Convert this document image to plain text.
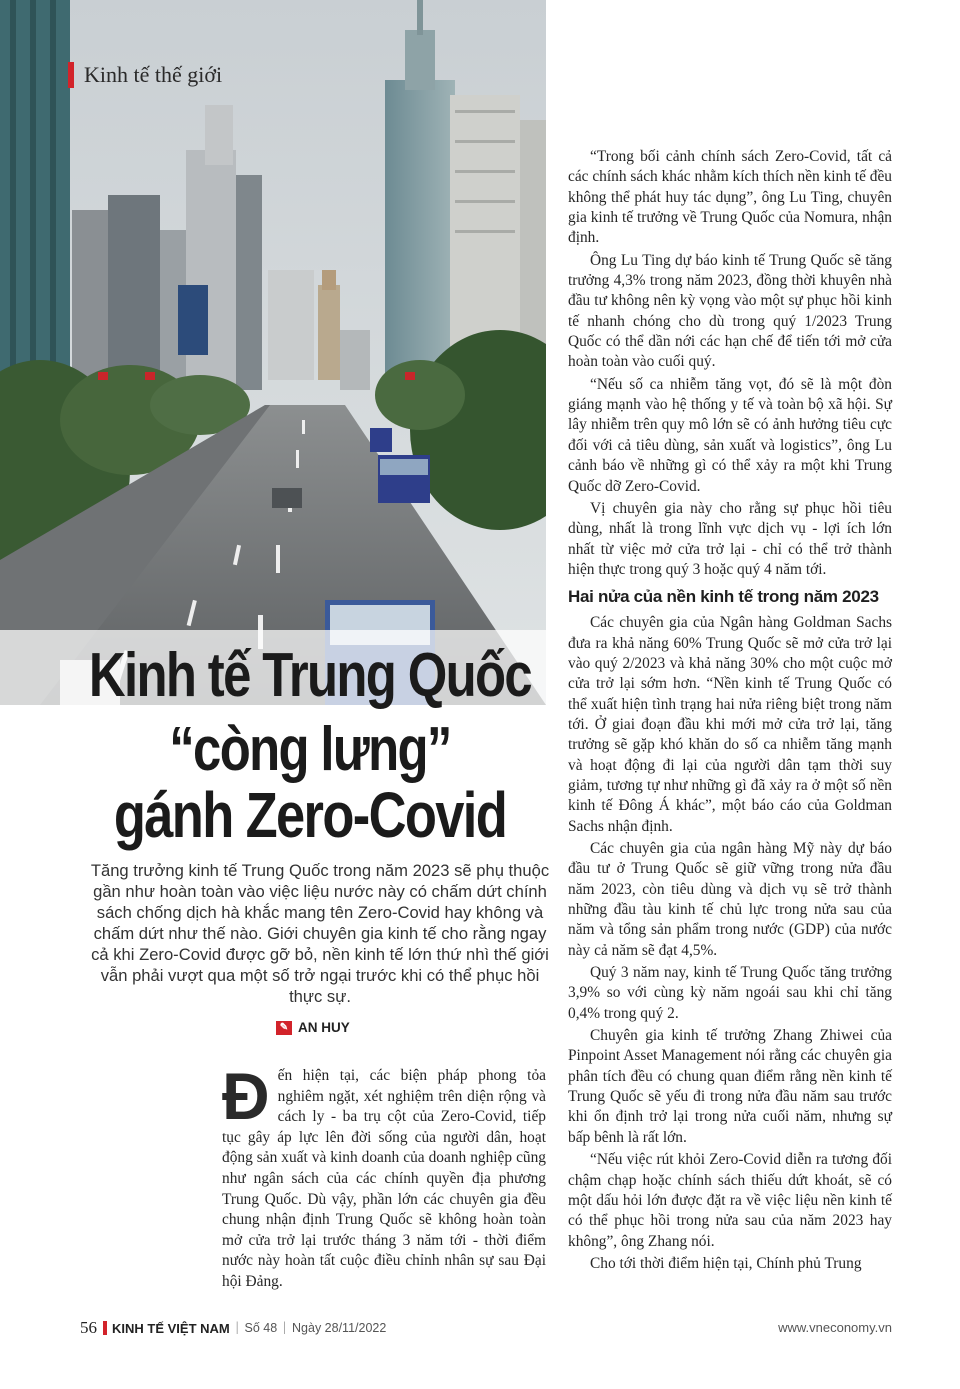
Kinh tế thế giới
Kinh tế Trung Quốc
“còng lưng”
gánh Zero-Covid
Tăng trưởng kinh tế Trung Quốc trong năm 2023 sẽ phụ thuộc gần như hoàn toàn vào việc liệu nước này có chấm dứt chính sách chống dịch hà khắc mang tên Zero-Covid hay không và chấm dứt như thế nào. Giới chuyên gia kinh tế cho rằng ngay cả khi Zero-Covid được gỡ bỏ, nền kinh tế lớn thứ nhì thế giới vẫn phải vượt qua một số trở ngại trước khi có thể phục hồi thực sự.
✎ AN HUY
Đ ến hiện tại, các biện pháp phong tỏa nghiêm ngặt, xét nghiệm trên diện rộng và cách ly - ba trụ cột của Zero-Covid, tiếp tục gây áp lực lên đời sống của người dân, hoạt động sản xuất và kinh doanh của doanh nghiệp cũng như ngân sách của các chính quyền địa phương Trung Quốc. Dù vậy, phần lớn các chuyên gia đều chung nhận định Trung Quốc sẽ không hoàn toàn mở cửa trở lại trước tháng 3 năm tới - thời điểm nước này hoàn tất cuộc điều chỉnh nhân sự sau Đại hội Đảng.

“Trong bối cảnh chính sách Zero-Covid, tất cả các chính sách khác nhằm kích thích nền kinh tế đều không thể phát huy tác dụng”, ông Lu Ting, chuyên gia kinh tế trưởng về Trung Quốc của Nomura, nhận định.

Ông Lu Ting dự báo kinh tế Trung Quốc sẽ tăng trưởng 4,3% trong năm 2023, đồng thời khuyên nhà đầu tư không nên kỳ vọng vào một sự phục hồi kinh tế nhanh chóng cho dù trong quý 1/2023 Trung Quốc có thể dần nới các hạn chế để tiến tới mở cửa hoàn toàn vào cuối quý.

“Nếu số ca nhiễm tăng vọt, đó sẽ là một đòn giáng mạnh vào hệ thống y tế và toàn bộ xã hội. Sự lây nhiễm trên quy mô lớn sẽ có ảnh hưởng tiêu cực đối với cả tiêu dùng, sản xuất và logistics”, ông Lu cảnh báo về những gì có thể xảy ra một khi Trung Quốc dỡ Zero-Covid.

Vị chuyên gia này cho rằng sự phục hồi tiêu dùng, nhất là trong lĩnh vực dịch vụ - lợi ích lớn nhất từ việc mở cửa trở lại - chỉ có thể trở thành hiện thực trong quý 3 hoặc quý 4 năm tới.

Hai nửa của nền kinh tế trong năm 2023

Các chuyên gia của Ngân hàng Goldman Sachs đưa ra khả năng 60% Trung Quốc sẽ mở cửa trở lại vào quý 2/2023 và khả năng 30% cho một cuộc mở cửa trở lại sớm hơn. “Nền kinh tế Trung Quốc có thể xuất hiện tình trạng hai nửa riêng biệt trong năm tới. Ở giai đoạn đầu khi mới mở cửa trở lại, tăng trưởng sẽ gặp khó khăn do số ca nhiễm tăng mạnh và hoạt động đi lại của người dân tạm thời suy giảm, tương tự như những gì đã xảy ra ở một số nền kinh tế Đông Á khác”, một báo cáo của Goldman Sachs nhận định.

Các chuyên gia của ngân hàng Mỹ này dự báo đầu tư ở Trung Quốc sẽ giữ vững trong nửa đầu năm 2023, còn tiêu dùng và dịch vụ sẽ trở thành những đầu tàu kinh tế chủ lực trong nửa sau của năm và tổng sản phẩm trong nước (GDP) của nước này cả năm sẽ đạt 4,5%.

Quý 3 năm nay, kinh tế Trung Quốc tăng trưởng 3,9% so với cùng kỳ năm ngoái sau khi chỉ tăng 0,4% trong quý 2.

Chuyên gia kinh tế trưởng Zhang Zhiwei của Pinpoint Asset Management nói rằng các chuyên gia phân tích đều có chung quan điểm rằng nền kinh tế Trung Quốc sẽ yếu đi trong nửa đầu năm sau trước khi ổn định trở lại trong nửa cuối năm, nhưng sự bấp bênh là rất lớn.

“Nếu việc rút khỏi Zero-Covid diễn ra tương đối chậm chạp hoặc chính sách thiếu dứt khoát, sẽ có một dấu hỏi lớn được đặt ra về việc liệu nền kinh tế có thể phục hồi trong nửa sau của năm 2023 hay không”, ông Zhang nói.

Cho tới thời điểm hiện tại, Chính phủ Trung

56 KINH TẾ VIỆT NAM | Số 48 | Ngày 28/11/2022	www.vneconomy.vn
